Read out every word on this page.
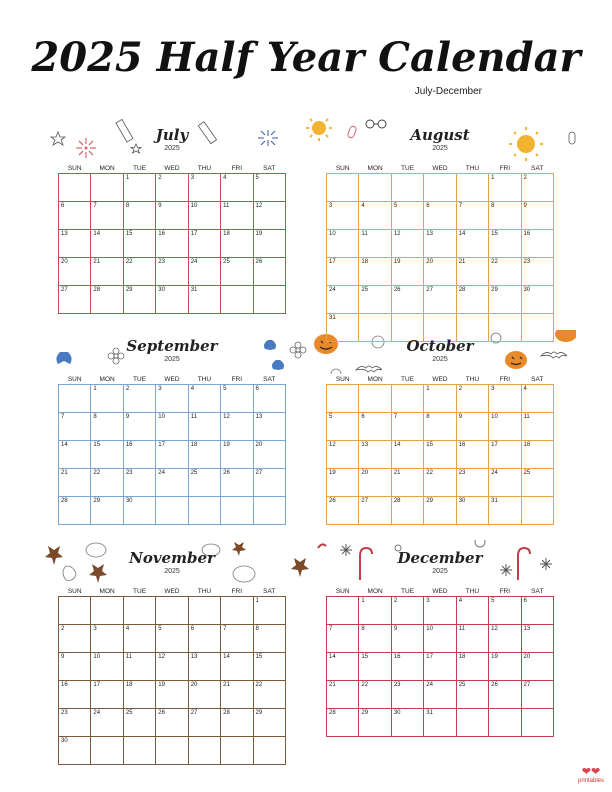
2025 Half Year Calendar
July-December
July
2025
SUN	MON	TUE	WED	THU	FRI	SAT
		1	2	3	4	5
6	7	8	9	10	11	12
13	14	15	16	17	18	19
20	21	22	23	24	25	26
27	28	29	30	31		
August
2025
SUN	MON	TUE	WED	THU	FRI	SAT
					1	2
3	4	5	6	7	8	9
10	11	12	13	14	15	16
17	18	19	20	21	22	23
24	25	26	27	28	29	30
31						
September
2025
SUN	MON	TUE	WED	THU	FRI	SAT
	1	2	3	4	5	6
7	8	9	10	11	12	13
14	15	16	17	18	19	20
21	22	23	24	25	26	27
28	29	30				
October
2025
SUN	MON	TUE	WED	THU	FRI	SAT
			1	2	3	4
5	6	7	8	9	10	11
12	13	14	15	16	17	18
19	20	21	22	23	24	25
26	27	28	29	30	31	
November
2025
SUN	MON	TUE	WED	THU	FRI	SAT
						1
2	3	4	5	6	7	8
9	10	11	12	13	14	15
16	17	18	19	20	21	22
23	24	25	26	27	28	29
30						
December
2025
SUN	MON	TUE	WED	THU	FRI	SAT
	1	2	3	4	5	6
7	8	9	10	11	12	13
14	15	16	17	18	19	20
21	22	23	24	25	26	27
28	29	30	31			
❤❤
printables
